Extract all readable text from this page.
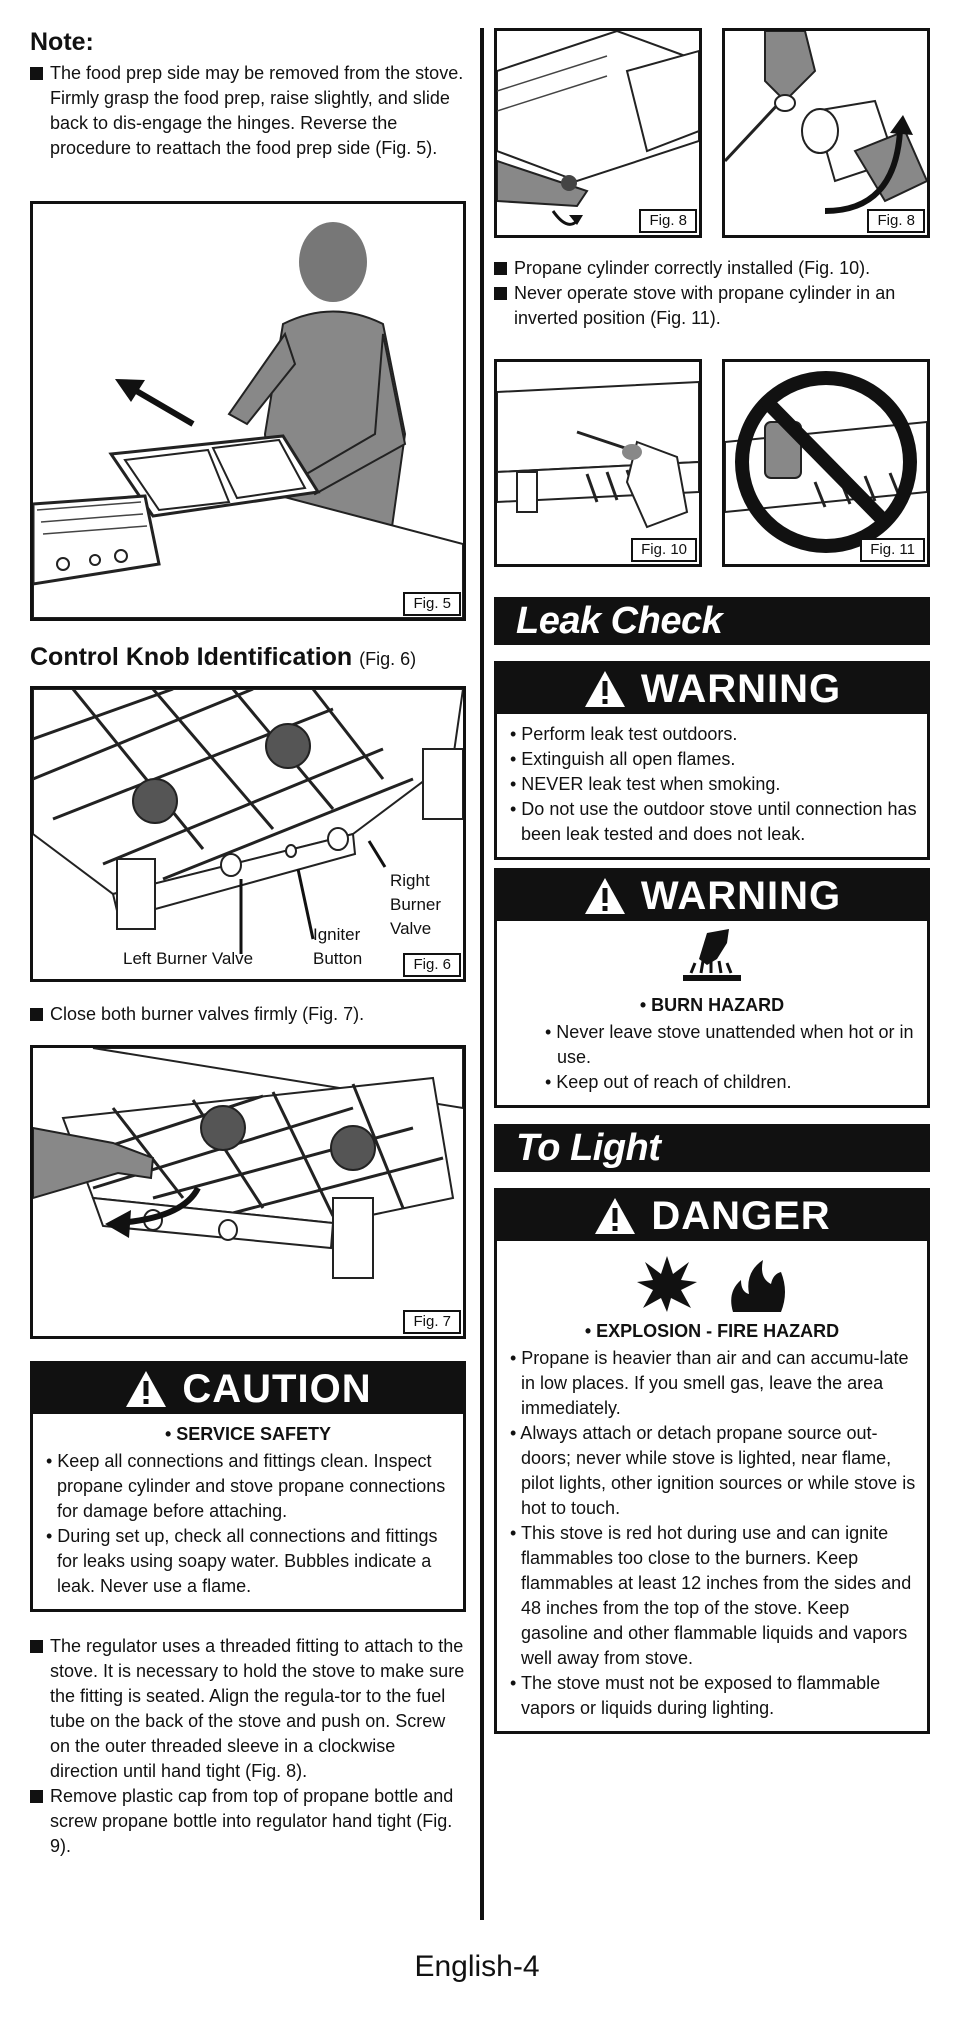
Note:
The food prep side may be removed from the stove. Firmly grasp the food prep, raise slightly, and slide back to dis-engage the hinges. Reverse the procedure to reattach the food prep side (Fig. 5).
Fig. 5
Control Knob Identification (Fig. 6)
Left Burner Valve
Igniter
Button
Right
Burner
Valve
Fig. 6
Close both burner valves firmly (Fig. 7).
Fig. 7
CAUTION
• SERVICE SAFETY
• Keep all connections and fittings clean. Inspect propane cylinder and stove propane connections for damage before attaching.
• During set up, check all connections and fittings for leaks using soapy water. Bubbles indicate a leak. Never use a flame.
The regulator uses a threaded fitting to attach to the stove. It is necessary to hold the stove to make sure the fitting is seated. Align the regula-tor to the fuel tube on the back of the stove and push on. Screw on the outer threaded sleeve in a clockwise direction until hand tight (Fig. 8).
Remove plastic cap from top of propane bottle and screw propane bottle into regulator hand tight (Fig. 9).
Fig. 8	Fig. 8
Propane cylinder correctly installed (Fig. 10).
Never operate stove with propane cylinder in an inverted position (Fig. 11).
Fig. 10	Fig. 11
Leak Check
WARNING
• Perform leak test outdoors.
• Extinguish all open flames.
• NEVER leak test when smoking.
• Do not use the outdoor stove until connection has been leak tested and does not leak.
WARNING
• BURN HAZARD
• Never leave stove unattended when hot or in use.
• Keep out of reach of children.
To Light
DANGER
• EXPLOSION - FIRE HAZARD
• Propane is heavier than air and can accumu-late in low places. If you smell gas, leave the area immediately.
• Always attach or detach propane source out-doors; never while stove is lighted, near flame, pilot lights, other ignition sources or while stove is hot to touch.
• This stove is red hot during use and can ignite flammables too close to the burners. Keep flammables at least 12 inches from the sides and 48 inches from the top of the stove. Keep gasoline and other flammable liquids and vapors well away from stove.
• The stove must not be exposed to flammable vapors or liquids during lighting.
English-4
